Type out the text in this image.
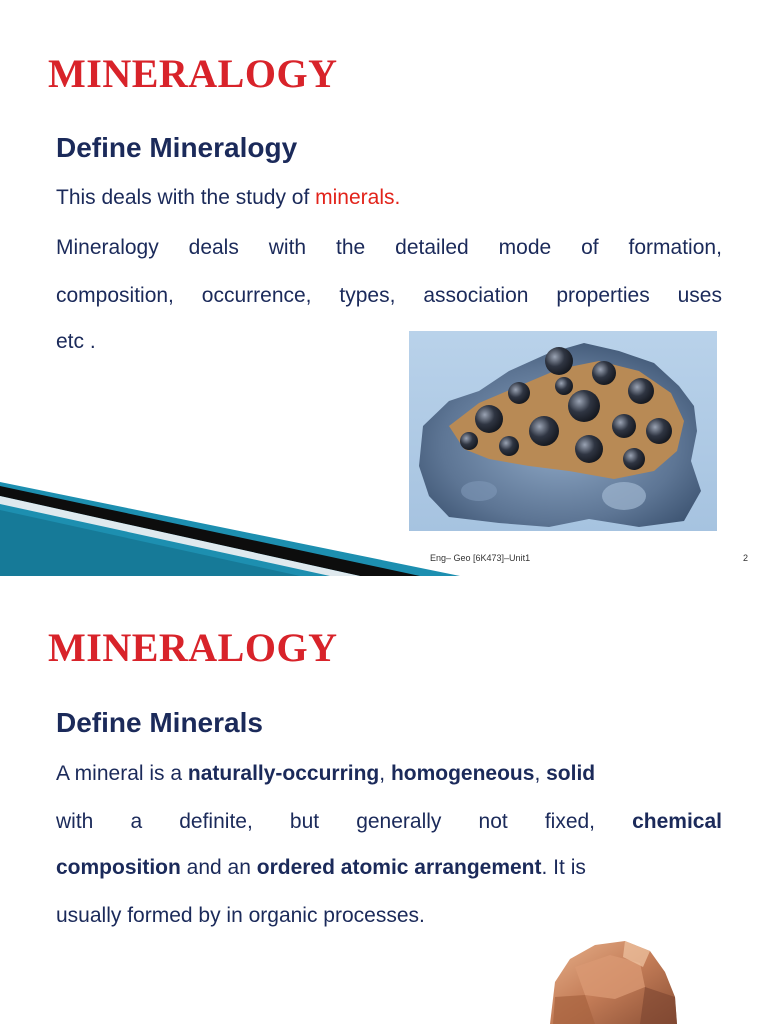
MINERALOGY
Define Mineralogy
This deals with the study of minerals.
Mineralogy deals with the detailed mode of formation,
composition, occurrence, types, association properties uses
etc .
Eng– Geo [6K473]–Unit1	2
MINERALOGY
Define Minerals
A mineral is a naturally-occurring, homogeneous, solid
with a definite, but generally not fixed, chemical
composition and an ordered atomic arrangement. It is
usually formed by in organic processes.
